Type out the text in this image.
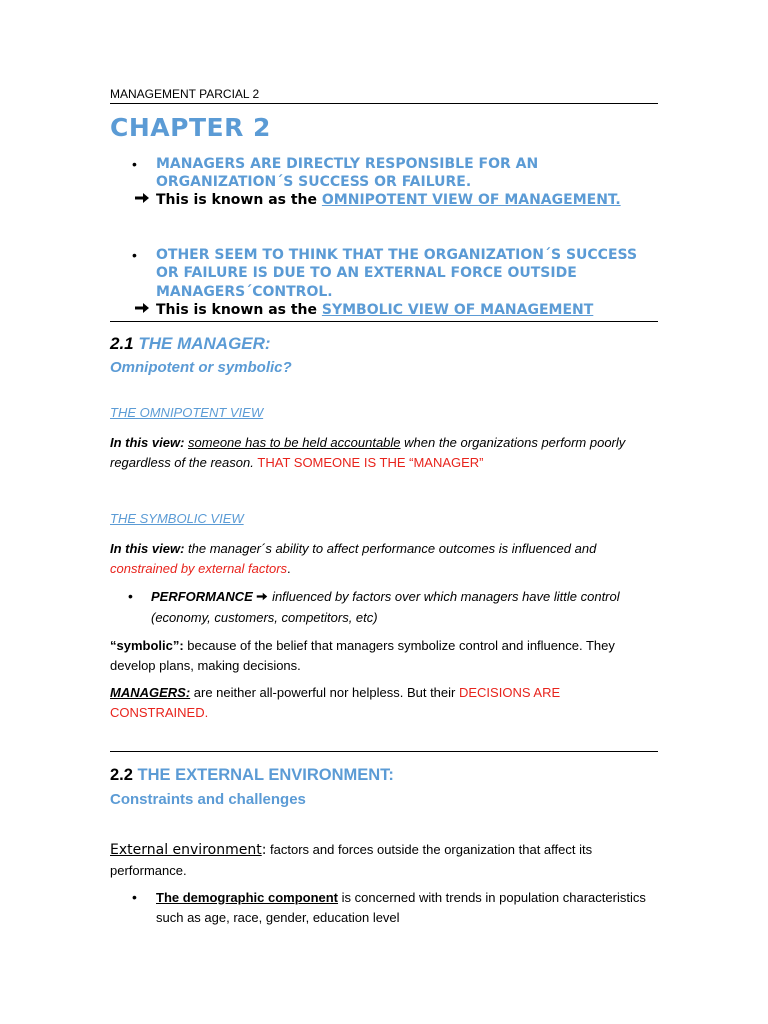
MANAGEMENT PARCIAL 2
CHAPTER 2
• MANAGERS ARE DIRECTLY RESPONSIBLE FOR AN ORGANIZATION´S SUCCESS OR FAILURE.
This is known as the OMNIPOTENT VIEW OF MANAGEMENT.
• OTHER SEEM TO THINK THAT THE ORGANIZATION´S SUCCESS OR FAILURE IS DUE TO AN EXTERNAL FORCE OUTSIDE MANAGERS´CONTROL.
This is known as the SYMBOLIC VIEW OF MANAGEMENT
2.1 THE MANAGER:
Omnipotent or symbolic?
THE OMNIPOTENT VIEW
In this view: someone has to be held accountable when the organizations perform poorly regardless of the reason. THAT SOMEONE IS THE “MANAGER”
THE SYMBOLIC VIEW
In this view: the manager´s ability to affect performance outcomes is influenced and constrained by external factors.
• PERFORMANCE  influenced by factors over which managers have little control (economy, customers, competitors, etc)
“symbolic”: because of the belief that managers symbolize control and influence. They develop plans, making decisions.
MANAGERS: are neither all-powerful nor helpless. But their DECISIONS ARE CONSTRAINED.
2.2 THE EXTERNAL ENVIRONMENT:
Constraints and challenges
External environment: factors and forces outside the organization that affect its performance.
• The demographic component is concerned with trends in population characteristics such as age, race, gender, education level
